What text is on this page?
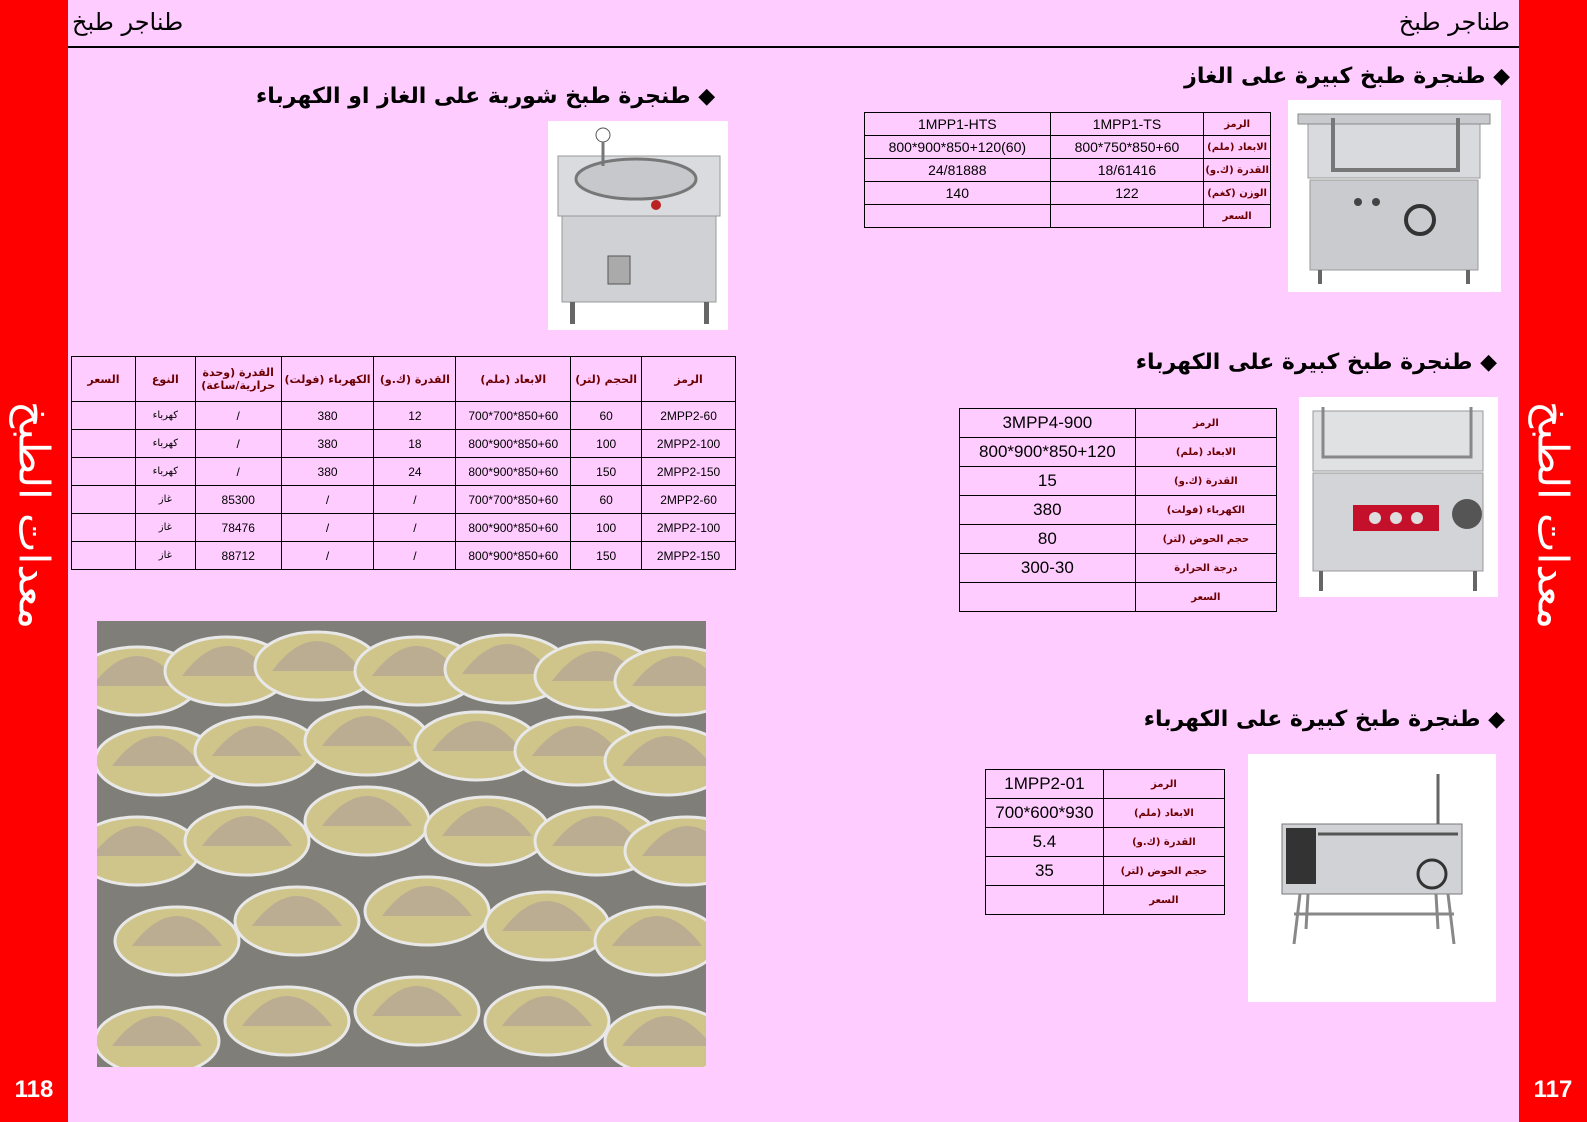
معدات الطبخ
118
معدات الطبخ
117
طناجر طبخ	طناجر طبخ
◆ طنجرة طبخ كبيرة على الغاز
1MPP1-HTS	1MPP1-TS	الرمز
800*900*850+120(60)	800*750*850+60	الابعاد (ملم)
24/81888	18/61416	القدرة (ك.و)
140	122	الوزن (كغم)
		السعر
◆ طنجرة طبخ كبيرة على الكهرباء
3MPP4-900	الرمز
800*900*850+120	الابعاد (ملم)
15	القدرة (ك.و)
380	الكهرباء (فولت)
80	حجم الحوض (لتر)
300-30	درجة الحرارة
	السعر
◆ طنجرة طبخ كبيرة على الكهرباء
1MPP2-01	الرمز
700*600*930	الابعاد (ملم)
5.4	القدرة (ك.و)
35	حجم الحوض (لتر)
	السعر
◆ طنجرة طبخ شوربة على الغاز او الكهرباء
السعر	النوع	القدرة (وحدة حرارية/ساعة)	الكهرباء (فولت)	القدرة (ك.و)	الابعاد (ملم)	الحجم (لتر)	الرمز
	كهرباء	/	380	12	700*700*850+60	60	2MPP2-60
	كهرباء	/	380	18	800*900*850+60	100	2MPP2-100
	كهرباء	/	380	24	800*900*850+60	150	2MPP2-150
	غاز	85300	/	/	700*700*850+60	60	2MPP2-60
	غاز	78476	/	/	800*900*850+60	100	2MPP2-100
	غاز	88712	/	/	800*900*850+60	150	2MPP2-150
